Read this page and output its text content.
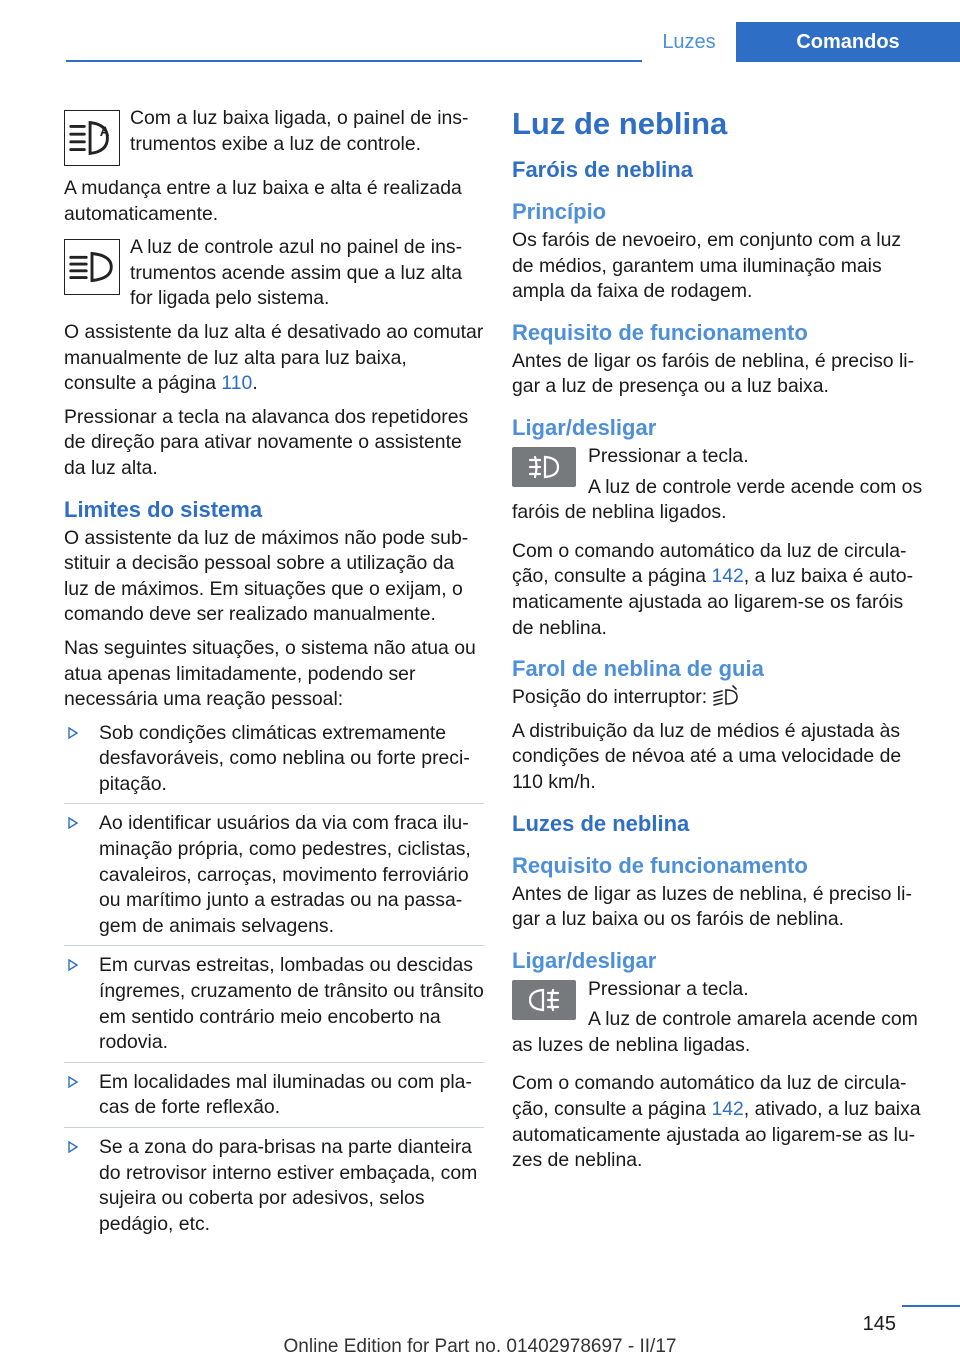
Luzes	Comandos
A

Com a luz baixa ligada, o painel de instrumentos exibe a luz de controle.

A mudança entre a luz baixa e alta é realizada automaticamente.

A luz de controle azul no painel de instrumentos acende assim que a luz alta for ligada pelo sistema.

O assistente da luz alta é desativado ao comutar manualmente de luz alta para luz baixa, consulte a página 110.

Pressionar a tecla na alavanca dos repetidores de direção para ativar novamente o assistente da luz alta.

Limites do sistema

O assistente da luz de máximos não pode substituir a decisão pessoal sobre a utilização da luz de máximos. Em situações que o exijam, o comando deve ser realizado manualmente.

Nas seguintes situações, o sistema não atua ou atua apenas limitadamente, podendo ser necessária uma reação pessoal:

Sob condições climáticas extremamente desfavoráveis, como neblina ou forte precipitação.
Ao identificar usuários da via com fraca iluminação própria, como pedestres, ciclistas, cavaleiros, carroças, movimento ferroviário ou marítimo junto a estradas ou na passagem de animais selvagens.
Em curvas estreitas, lombadas ou descidas íngremes, cruzamento de trânsito ou trânsito em sentido contrário meio encoberto na rodovia.
Em localidades mal iluminadas ou com placas de forte reflexão.
Se a zona do para-brisas na parte dianteira do retrovisor interno estiver embaçada, com sujeira ou coberta por adesivos, selos pedágio, etc.
Luz de neblina
Faróis de neblina
Princípio

Os faróis de nevoeiro, em conjunto com a luz de médios, garantem uma iluminação mais ampla da faixa de rodagem.

Requisito de funcionamento

Antes de ligar os faróis de neblina, é preciso ligar a luz de presença ou a luz baixa.

Ligar/desligar

Pressionar a tecla.

A luz de controle verde acende com os faróis de neblina ligados.

Com o comando automático da luz de circulação, consulte a página 142, a luz baixa é automaticamente ajustada ao ligarem-se os faróis de neblina.

Farol de neblina de guia

Posição do interruptor:

A distribuição da luz de médios é ajustada às condições de névoa até a uma velocidade de 110 km/h.

Luzes de neblina
Requisito de funcionamento

Antes de ligar as luzes de neblina, é preciso ligar a luz baixa ou os faróis de neblina.

Ligar/desligar

Pressionar a tecla.

A luz de controle amarela acende com as luzes de neblina ligadas.

Com o comando automático da luz de circulação, consulte a página 142, ativado, a luz baixa automaticamente ajustada ao ligarem-se as luzes de neblina.

145
Online Edition for Part no. 01402978697 - II/17
